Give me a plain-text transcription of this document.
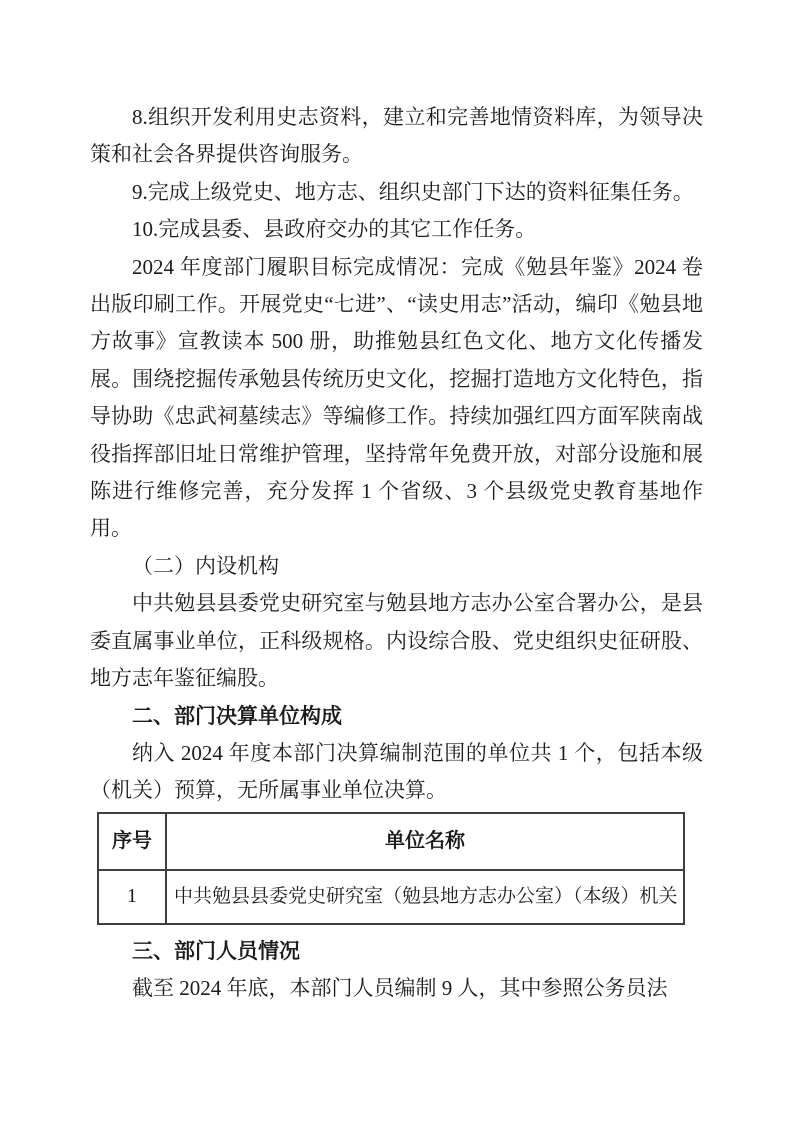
8.组织开发利用史志资料，建立和完善地情资料库，为领导决策和社会各界提供咨询服务。

9.完成上级党史、地方志、组织史部门下达的资料征集任务。

10.完成县委、县政府交办的其它工作任务。

2024 年度部门履职目标完成情况：完成《勉县年鉴》2024 卷出版印刷工作。开展党史“七进”、“读史用志”活动，编印《勉县地方故事》宣教读本 500 册，助推勉县红色文化、地方文化传播发展。围绕挖掘传承勉县传统历史文化，挖掘打造地方文化特色，指导协助《忠武祠墓续志》等编修工作。持续加强红四方面军陕南战役指挥部旧址日常维护管理，坚持常年免费开放，对部分设施和展陈进行维修完善，充分发挥 1 个省级、3 个县级党史教育基地作用。

（二）内设机构

中共勉县县委党史研究室与勉县地方志办公室合署办公，是县委直属事业单位，正科级规格。内设综合股、党史组织史征研股、地方志年鉴征编股。

二、部门决算单位构成

纳入 2024 年度本部门决算编制范围的单位共 1 个，包括本级（机关）预算，无所属事业单位决算。

序号	单位名称
1	中共勉县县委党史研究室（勉县地方志办公室）（本级）机关
三、部门人员情况

截至 2024 年底，本部门人员编制 9 人，其中参照公务员法
